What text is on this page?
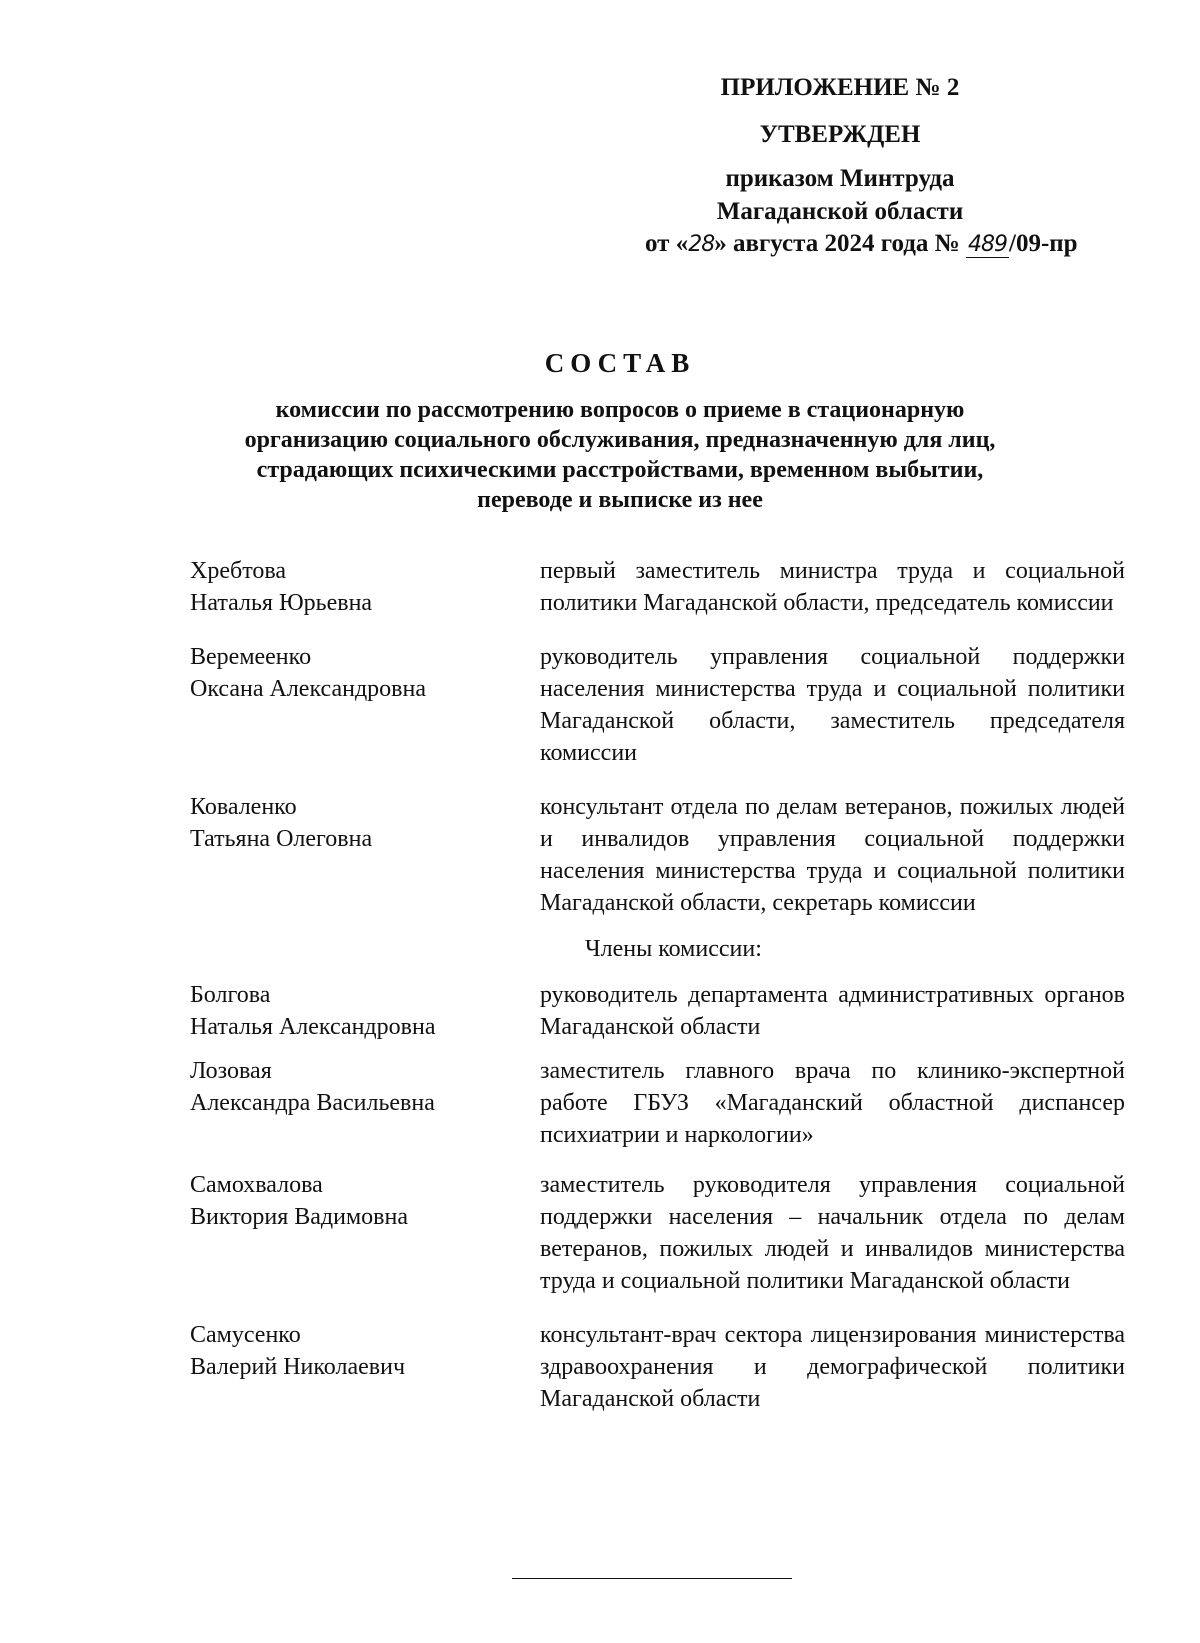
ПРИЛОЖЕНИЕ № 2
УТВЕРЖДЕН
приказом Минтруда
Магаданской области
от «28» августа 2024 года № 489/09-пр
СОСТАВ
комиссии по рассмотрению вопросов о приеме в стационарную
организацию социального обслуживания, предназначенную для лиц,
страдающих психическими расстройствами, временном выбытии,
переводе и выписке из нее
Хребтова
Наталья Юрьевна
первый заместитель министра труда и социальной политики Магаданской области, председатель комиссии
Веремеенко
Оксана Александровна
руководитель управления социальной поддержки населения министерства труда и социальной политики Магаданской области, заместитель председателя комиссии
Коваленко
Татьяна Олеговна
консультант отдела по делам ветеранов, пожилых людей и инвалидов управления социальной поддержки населения министерства труда и социальной политики Магаданской области, секретарь комиссии
Члены комиссии:
Болгова
Наталья Александровна
руководитель департамента административных органов Магаданской области
Лозовая
Александра Васильевна
заместитель главного врача по клинико-экспертной работе ГБУЗ «Магаданский областной диспансер психиатрии и наркологии»
Самохвалова
Виктория Вадимовна
заместитель руководителя управления социальной поддержки населения – начальник отдела по делам ветеранов, пожилых людей и инвалидов министерства труда и социальной политики Магаданской области
Самусенко
Валерий Николаевич
консультант-врач сектора лицензирования министерства здравоохранения и демографической политики Магаданской области
